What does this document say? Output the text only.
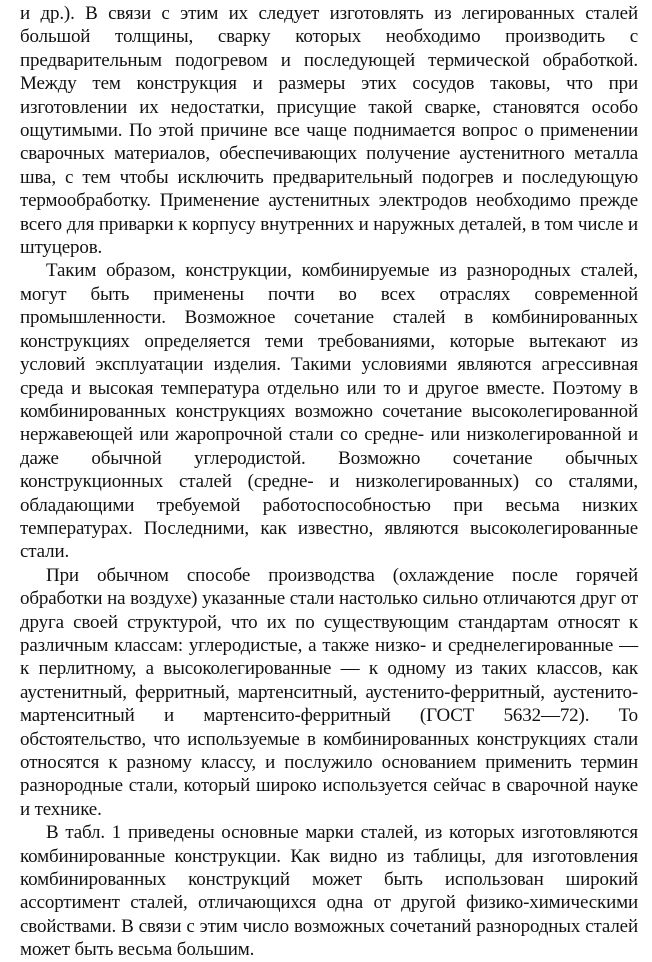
и др.). В связи с этим их следует изготовлять из легированных сталей большой толщины, сварку которых необходимо производить с предварительным подогревом и последующей термической обработкой. Между тем конструкция и размеры этих сосудов таковы, что при изготовлении их недостатки, присущие такой сварке, становятся особо ощутимыми. По этой причине все чаще поднимается вопрос о применении сварочных материалов, обеспечивающих получение аустенитного металла шва, с тем чтобы исключить предварительный подогрев и последующую термообработку. Применение аустенитных электродов необходимо прежде всего для приварки к корпусу внутренних и наружных деталей, в том числе и штуцеров.

Таким образом, конструкции, комбинируемые из разнородных сталей, могут быть применены почти во всех отраслях современной промышленности. Возможное сочетание сталей в комбинированных конструкциях определяется теми требованиями, которые вытекают из условий эксплуатации изделия. Такими условиями являются агрессивная среда и высокая температура отдельно или то и другое вместе. Поэтому в комбинированных конструкциях возможно сочетание высоколегированной нержавеющей или жаропрочной стали со средне- или низколегированной и даже обычной углеродистой. Возможно сочетание обычных конструкционных сталей (средне- и низколегированных) со сталями, обладающими требуемой работоспособностью при весьма низких температурах. Последними, как известно, являются высоколегированные стали.

При обычном способе производства (охлаждение после горячей обработки на воздухе) указанные стали настолько сильно отличаются друг от друга своей структурой, что их по существующим стандартам относят к различным классам: углеродистые, а также низко- и среднелегированные — к перлитному, а высоколегированные — к одному из таких классов, как аустенитный, ферритный, мартенситный, аустенито-ферритный, аустенито-мартенситный и мартенсито-ферритный (ГОСТ 5632—72). То обстоятельство, что используемые в комбинированных конструкциях стали относятся к разному классу, и послужило основанием применить термин разнородные стали, который широко используется сейчас в сварочной науке и технике.

В табл. 1 приведены основные марки сталей, из которых изготовляются комбинированные конструкции. Как видно из таблицы, для изготовления комбинированных конструкций может быть использован широкий ассортимент сталей, отличающихся одна от другой физико-химическими свойствами. В связи с этим число возможных сочетаний разнородных сталей может быть весьма большим.
